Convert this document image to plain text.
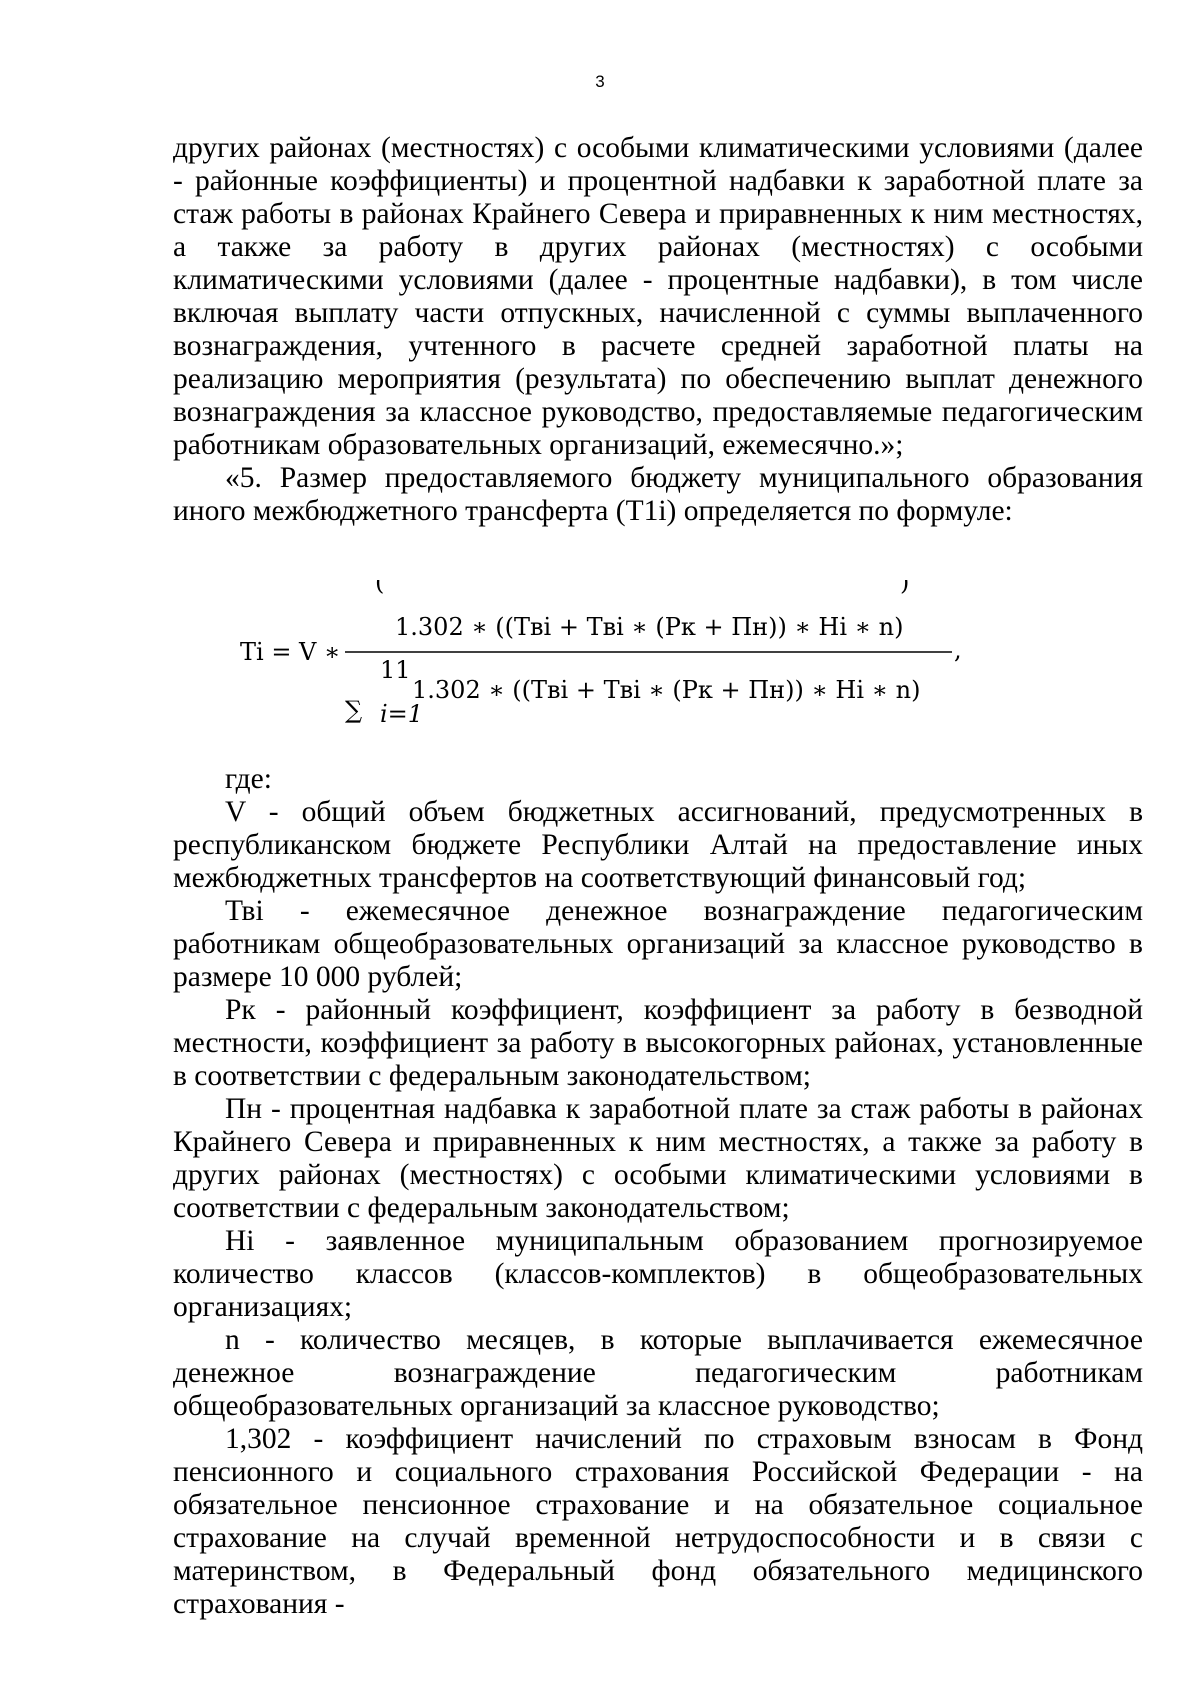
3

других районах (местностях) с особыми климатическими условиями (далее - районные коэффициенты) и процентной надбавки к заработной плате за стаж работы в районах Крайнего Севера и приравненных к ним местностях, а также за работу в других районах (местностях) с особыми климатическими условиями (далее - процентные надбавки), в том числе включая выплату части отпускных, начисленной с суммы выплаченного вознаграждения, учтенного в расчете средней заработной платы на реализацию мероприятия (результата) по обеспечению выплат денежного вознаграждения за классное руководство, предоставляемые педагогическим работникам образовательных организаций, ежемесячно.»;

«5. Размер предоставляемого бюджету муниципального образования иного межбюджетного трансферта (Т1i) определяется по формуле:

Ti = V ∗
(
1.302 ∗ ((Твi + Твi ∗ (Рк + Пн)) ∗ Нi ∗ n)
)
∑
11
i=1
1.302 ∗ ((Твi + Твi ∗ (Рк + Пн)) ∗ Нi ∗ n)
,

где:

V - общий объем бюджетных ассигнований, предусмотренных в республиканском бюджете Республики Алтай на предоставление иных межбюджетных трансфертов на соответствующий финансовый год;

Твi - ежемесячное денежное вознаграждение педагогическим работникам общеобразовательных организаций за классное руководство в размере 10 000 рублей;

Рк - районный коэффициент, коэффициент за работу в безводной местности, коэффициент за работу в высокогорных районах, установленные в соответствии с федеральным законодательством;

Пн - процентная надбавка к заработной плате за стаж работы в районах Крайнего Севера и приравненных к ним местностях, а также за работу в других районах (местностях) с особыми климатическими условиями в соответствии с федеральным законодательством;

Нi - заявленное муниципальным образованием прогнозируемое количество классов (классов-комплектов) в общеобразовательных организациях;

n - количество месяцев, в которые выплачивается ежемесячное денежное вознаграждение педагогическим работникам общеобразовательных организаций за классное руководство;

1,302 - коэффициент начислений по страховым взносам в Фонд пенсионного и социального страхования Российской Федерации - на обязательное пенсионное страхование и на обязательное социальное страхование на случай временной нетрудоспособности и в связи с материнством, в Федеральный фонд обязательного медицинского страхования -
